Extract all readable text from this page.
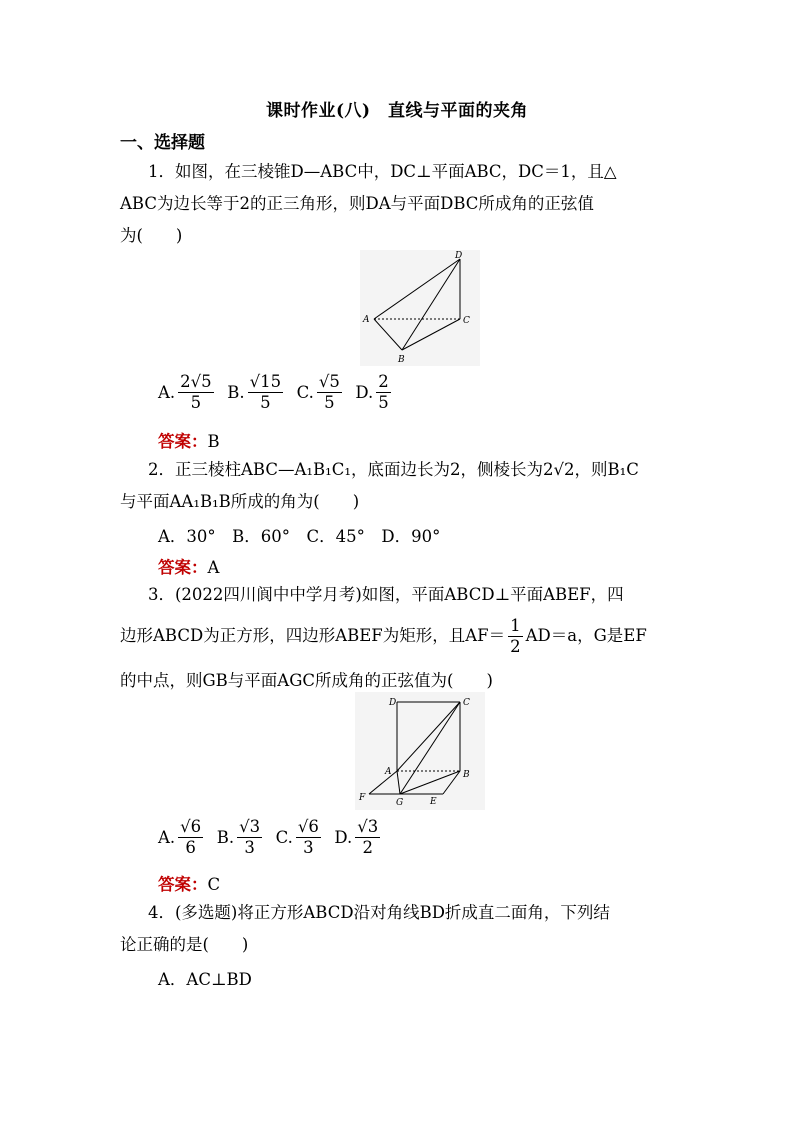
课时作业(八)　直线与平面的夹角
一、选择题
1．如图，在三棱锥D—ABC中，DC⊥平面ABC，DC＝1，且△
ABC为边长等于2的正三角形，则DA与平面DBC所成角的正弦值
为(　　)
D
A	C
B
A. $\frac{2√5}{5} B$. $\frac{√15}{5} C$. $\frac{√5}{5} D$. $\frac{2}{5}$
答案：B
2．正三棱柱ABC—A₁B₁C₁，底面边长为2，侧棱长为2√2，则B₁C
与平面AA₁B₁B所成的角为(　　)
A．30°　B．60°　C．45°　D．90°
答案：A
3．(2022四川阆中中学月考)如图，平面ABCD⊥平面ABEF，四
边形ABCD为正方形，四边形ABEF为矩形，且$AF= \frac{1}{2} AD=a$，G是EF
的中点，则GB与平面AGC所成角的正弦值为(　　)
D	C
A	B
F	G	E
A. $\frac{√6}{6} B$. $\frac{√3}{3} C$. $\frac{√6}{3} D$. $\frac{√3}{2}$
答案：C
4．(多选题)将正方形ABCD沿对角线BD折成直二面角，下列结
论正确的是(　　)
A．AC⊥BD
